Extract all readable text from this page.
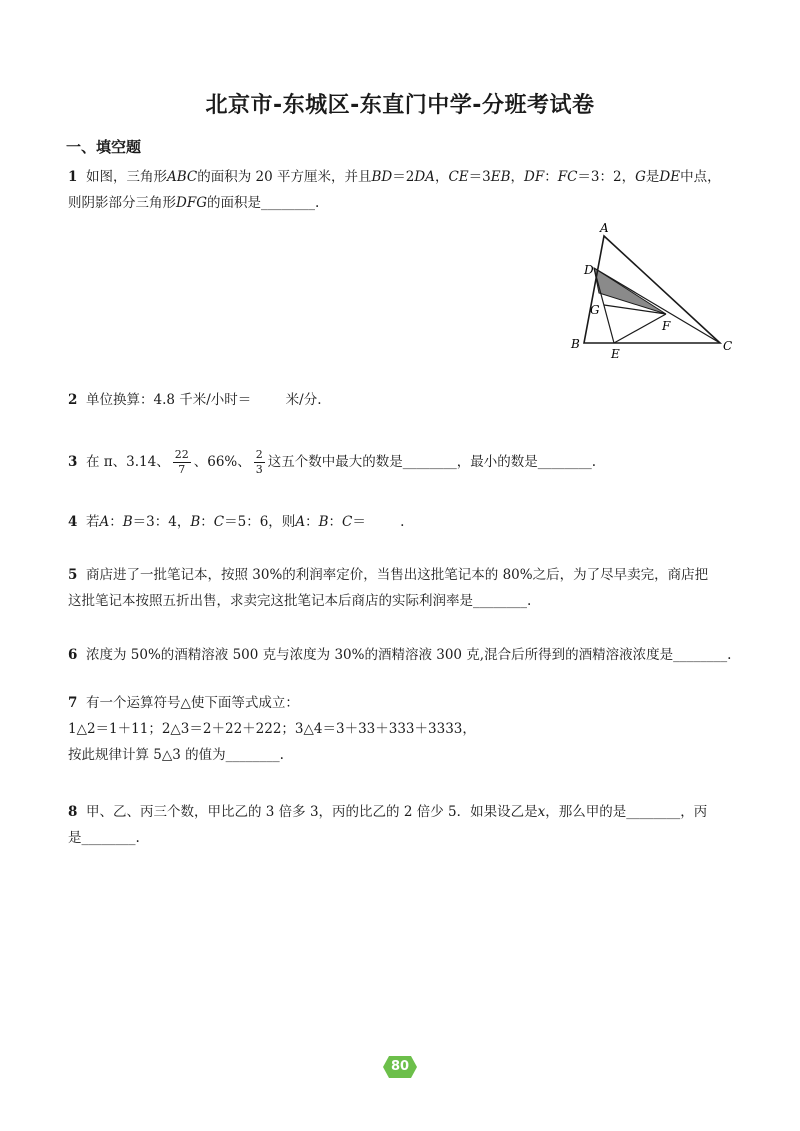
北京市-东城区-东直门中学-分班考试卷
一、填空题
1 如图，三角形ABC的面积为 20 平方厘米，并且BD＝2DA，CE＝3EB，DF：FC＝3：2，G是DE中点，
则阴影部分三角形DFG的面积是________.
A
D
G
F
B
E
C
2 单位换算：4.8 千米/小时＝	米/分.
3 在 π、3.14、 $\frac{22}{7}$ 、66%、 $\frac{2}{3}$ 这五个数中最大的数是________，最小的数是________.
4 若A：B＝3：4，B：C＝5：6，则A：B：C＝        .
5 商店进了一批笔记本，按照 30%的利润率定价，当售出这批笔记本的 80%之后，为了尽早卖完，商店把
这批笔记本按照五折出售，求卖完这批笔记本后商店的实际利润率是________.
6 浓度为 50%的酒精溶液 500 克与浓度为 30%的酒精溶液 300 克,混合后所得到的酒精溶液浓度是________.
7 有一个运算符号△使下面等式成立：
1△2＝1＋11；2△3＝2＋22＋222；3△4＝3＋33＋333＋3333，
按此规律计算 5△3 的值为________.
8 甲、乙、丙三个数，甲比乙的 3 倍多 3，丙的比乙的 2 倍少 5．如果设乙是x，那么甲的是________，丙
是________.
80
